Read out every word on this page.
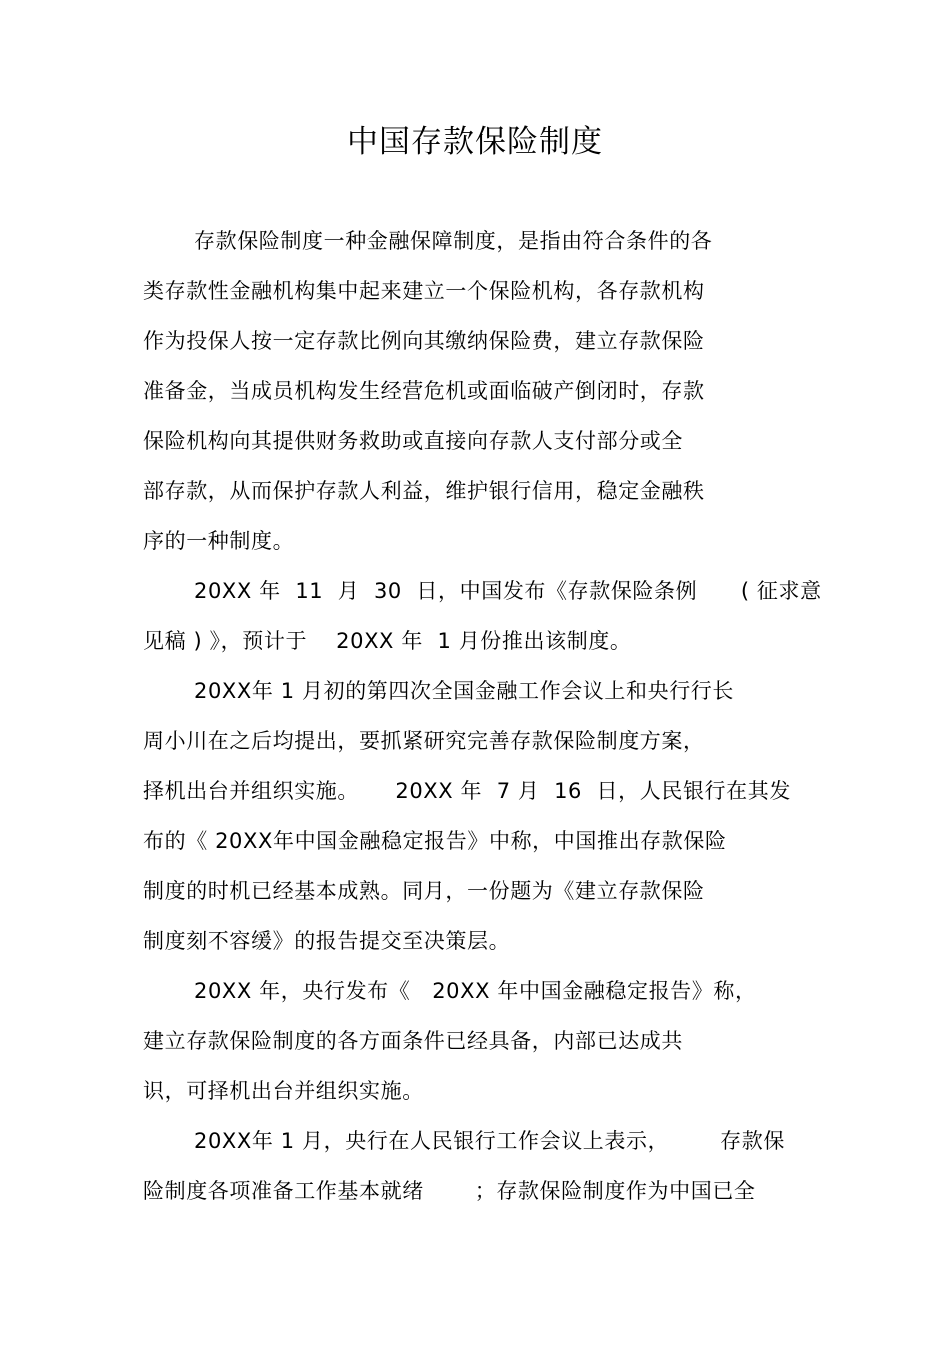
中国存款保险制度
存款保险制度一种金融保障制度，是指由符合条件的各
类存款性金融机构集中起来建立一个保险机构，各存款机构
作为投保人按一定存款比例向其缴纳保险费，建立存款保险
准备金，当成员机构发生经营危机或面临破产倒闭时，存款
保险机构向其提供财务救助或直接向存款人支付部分或全
部存款，从而保护存款人利益，维护银行信用，稳定金融秩
序的一种制度。
20XX 年  11  月  30  日，中国发布《存款保险条例      ( 征求意
见稿 ) 》，预计于    20XX 年  1 月份推出该制度。
20XX年 1 月初的第四次全国金融工作会议上和央行行长
周小川在之后均提出，要抓紧研究完善存款保险制度方案，
择机出台并组织实施。     20XX 年  7 月  16  日，人民银行在其发
布的《 20XX年中国金融稳定报告》中称，中国推出存款保险
制度的时机已经基本成熟。同月，一份题为《建立存款保险
制度刻不容缓》的报告提交至决策层。
20XX 年，央行发布《   20XX 年中国金融稳定报告》称，
建立存款保险制度的各方面条件已经具备，内部已达成共
识，可择机出台并组织实施。
20XX年 1 月，央行在人民银行工作会议上表示，       存款保
险制度各项准备工作基本就绪       ；存款保险制度作为中国已全
